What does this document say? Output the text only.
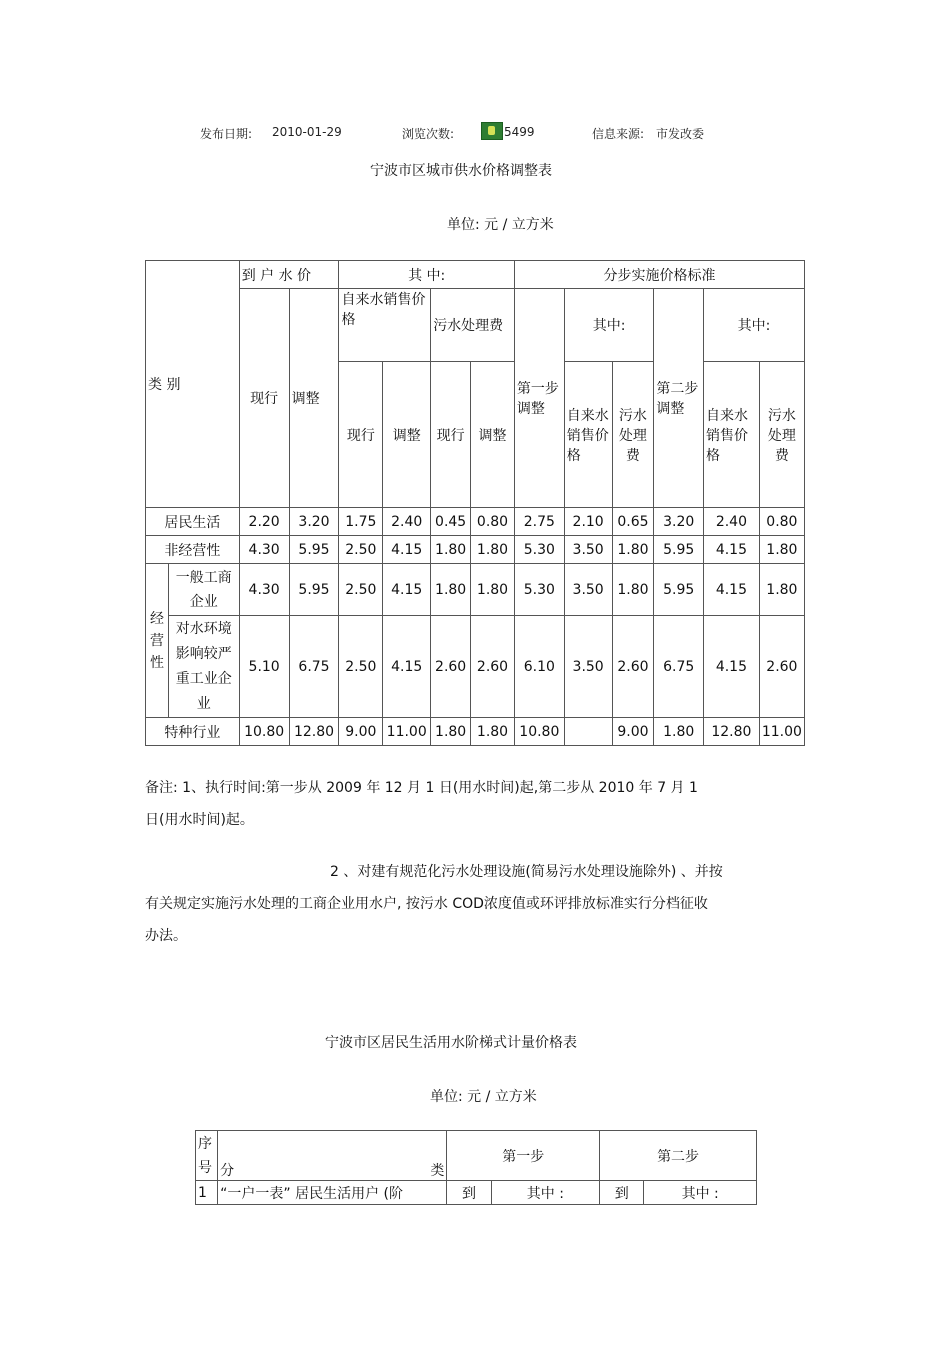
发布日期: 2010-01-29	浏览次数:	5499	信息来源: 市发改委
宁波市区城市供水价格调整表
单位: 元 / 立方米
类 别		到 户 水 价		其 中:				分步实施价格标准					
		现行	调整	自来水销售价格		污水处理费		第一步调整	其中:		第二步调整	其中:	
				现行	调整	现行	调整		自来水销售价格	污水处理费		自来水销售价格	污水处理费
居民生活		2.20	3.20	1.75	2.40	0.45	0.80	2.75	2.10	0.65	3.20	2.40	0.80
非经营性		4.30	5.95	2.50	4.15	1.80	1.80	5.30	3.50	1.80	5.95	4.15	1.80
经营性	一般工商企业	4.30	5.95	2.50	4.15	1.80	1.80	5.30	3.50	1.80	5.95	4.15	1.80
	对水环境影响较严重工业企业	5.10	6.75	2.50	4.15	2.60	2.60	6.10	3.50	2.60	6.75	4.15	2.60
特种行业		10.80	12.80	9.00	11.00	1.80	1.80	10.80		9.00	1.80	12.80	11.00
备注: 1、执行时间:第一步从 2009 年 12 月 1 日(用水时间)起,第二步从 2010 年 7 月 1
日(用水时间)起。
2 、对建有规范化污水处理设施(简易污水处理设施除外) 、并按
有关规定实施污水处理的工商企业用水户, 按污水 COD浓度值或环评排放标准实行分档征收
办法。
宁波市区居民生活用水阶梯式计量价格表
单位: 元 / 立方米
序号	分 类	第一步		第二步	
1	“一户一表” 居民生活用户 (阶	到	其中 :	到	其中 :
